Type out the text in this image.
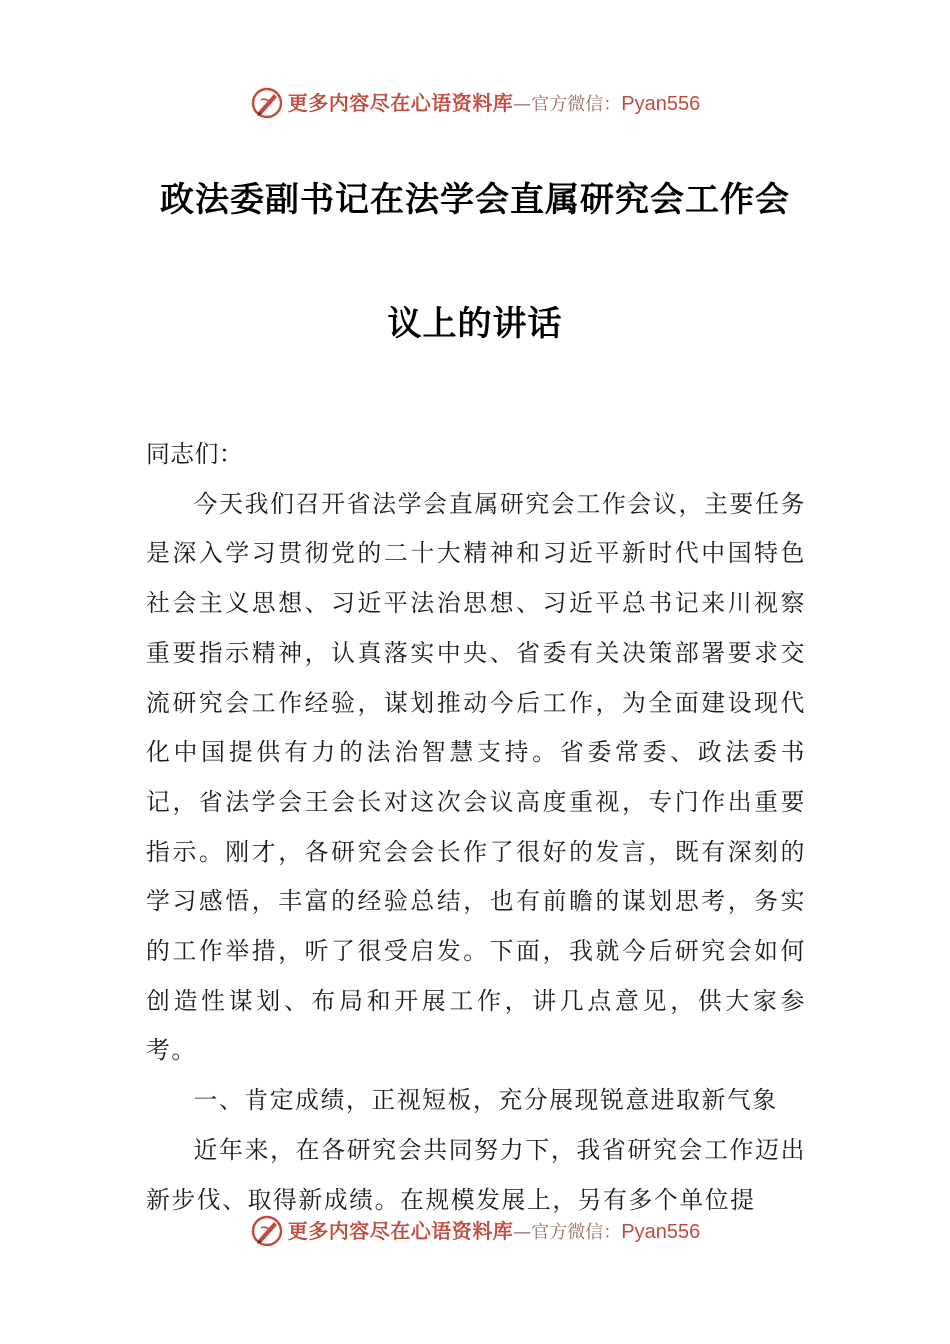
更多内容尽在心语资料库—官方微信：Pyan556
政法委副书记在法学会直属研究会工作会
议上的讲话

同志们：

今天我们召开省法学会直属研究会工作会议，主要任务是深入学习贯彻党的二十大精神和习近平新时代中国特色社会主义思想、习近平法治思想、习近平总书记来川视察重要指示精神，认真落实中央、省委有关决策部署要求交流研究会工作经验，谋划推动今后工作，为全面建设现代化中国提供有力的法治智慧支持。省委常委、政法委书记，省法学会王会长对这次会议高度重视，专门作出重要指示。刚才，各研究会会长作了很好的发言，既有深刻的学习感悟，丰富的经验总结，也有前瞻的谋划思考，务实的工作举措，听了很受启发。下面，我就今后研究会如何创造性谋划、布局和开展工作，讲几点意见，供大家参考。

一、肯定成绩，正视短板，充分展现锐意进取新气象

近年来，在各研究会共同努力下，我省研究会工作迈出新步伐、取得新成绩。在规模发展上，另有多个单位提

更多内容尽在心语资料库—官方微信：Pyan556
